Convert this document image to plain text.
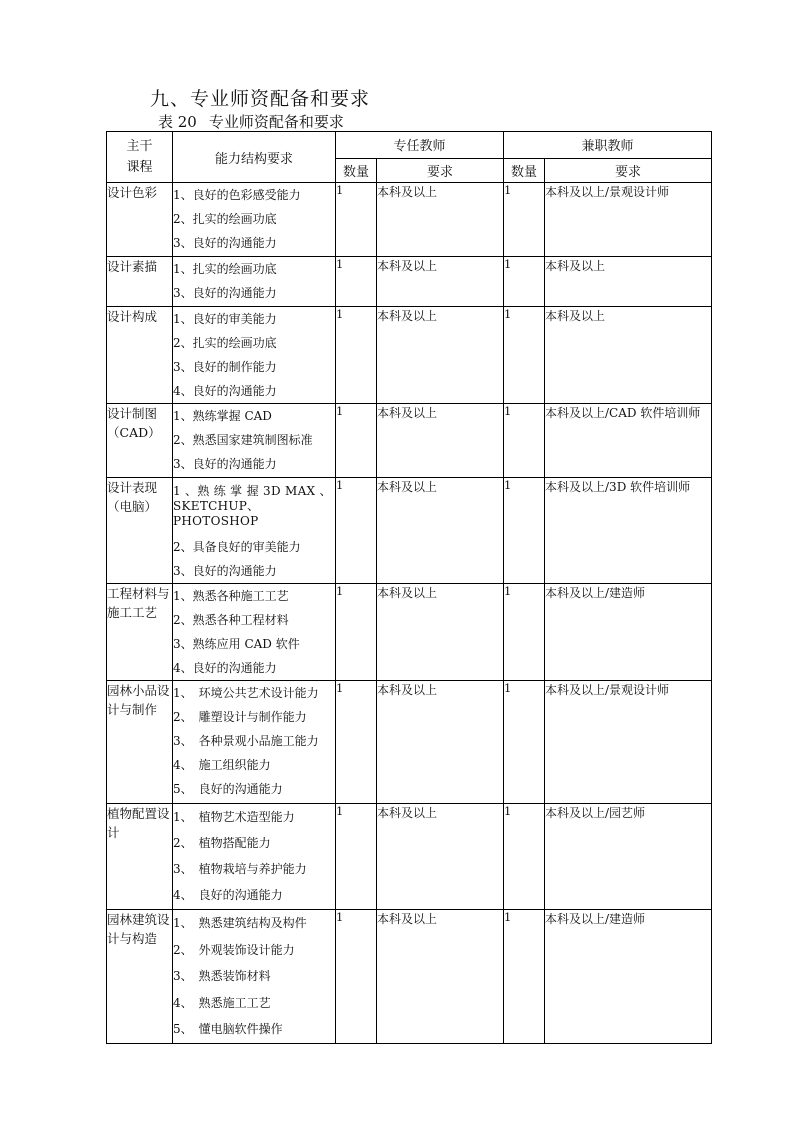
九、专业师资配备和要求
表 20 专业师资配备和要求
主干
课程	能力结构要求	专任教师		兼职教师	
		数量	要求	数量	要求
设计色彩	1、良好的色彩感受能力
2、扎实的绘画功底
3、良好的沟通能力	1	本科及以上	1	本科及以上/景观设计师
设计素描	1、扎实的绘画功底
3、良好的沟通能力	1	本科及以上	1	本科及以上
设计构成	1、良好的审美能力
2、扎实的绘画功底
3、良好的制作能力
4、良好的沟通能力	1	本科及以上	1	本科及以上
设计制图（CAD）	1、熟练掌握 CAD
2、熟悉国家建筑制图标准
3、良好的沟通能力	1	本科及以上	1	本科及以上/CAD 软件培训师
设计表现（电脑）	1 、熟 练 掌 握 3D MAX 、SKETCHUP、PHOTOSHOP
2、具备良好的审美能力
3、良好的沟通能力	1	本科及以上	1	本科及以上/3D 软件培训师
工程材料与施工工艺	1、熟悉各种施工工艺
2、熟悉各种工程材料
3、熟练应用 CAD 软件
4、良好的沟通能力	1	本科及以上	1	本科及以上/建造师
园林小品设计与制作	1、　环境公共艺术设计能力
2、　雕塑设计与制作能力
3、　各种景观小品施工能力
4、　施工组织能力
5、　良好的沟通能力	1	本科及以上	1	本科及以上/景观设计师
植物配置设计	1、　植物艺术造型能力
2、　植物搭配能力
3、　植物栽培与养护能力
4、　良好的沟通能力	1	本科及以上	1	本科及以上/园艺师
园林建筑设计与构造	1、　熟悉建筑结构及构件
2、　外观装饰设计能力
3、　熟悉装饰材料
4、　熟悉施工工艺
5、　懂电脑软件操作	1	本科及以上	1	本科及以上/建造师
